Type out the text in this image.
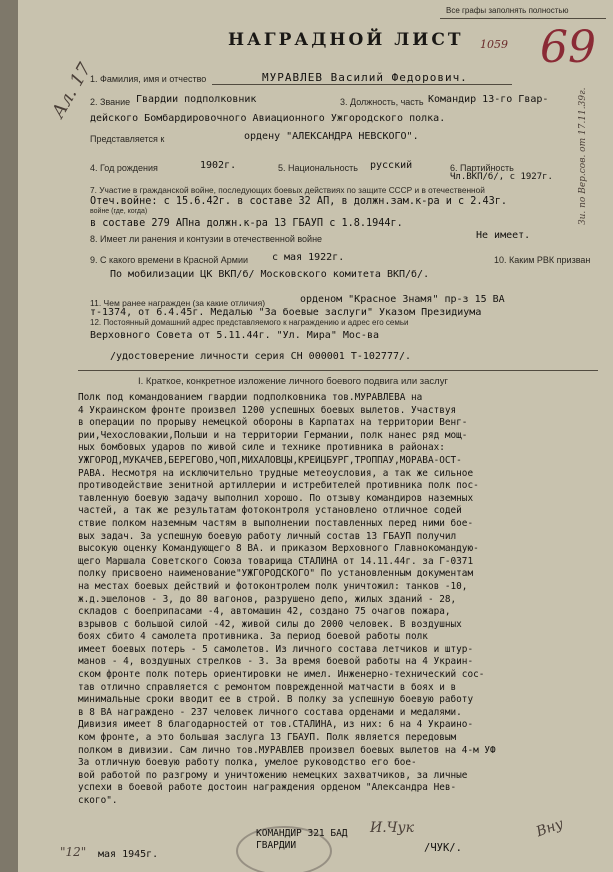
Все графы заполнять полностью
НАГРАДНОЙ ЛИСТ 1059 69
Ал. 17
1. Фамилия, имя и отчество	МУРАВЛЕВ Василий Федорович.
2. Звание Гвардии подполковник	3. Должность, часть Командир 13-го Гвар-
дейского Бомбардировочного Авиационного Ужгородского полка.
Представляется к	ордену "АЛЕКСАНДРА НЕВСКОГО".
4. Год рождения	1902г.	5. Национальность русский	6. Партийность
Чл.ВКП/б/, с 1927г.
7. Участие в гражданской войне, последующих боевых действиях по защите СССР и в отечественной
Отеч.войне: с 15.6.42г. в составе 32 АП, в должн.зам.к-ра и с 2.43г.
войне (где, когда)
в составе 279 АПна должн.к-ра 13 ГБАУП с 1.8.1944г.
8. Имеет ли ранения и контузии в отечественной войне	Не имеет.
9. С какого времени в Красной Армии с мая 1922г.	10. Каким РВК призван
По мобилизации ЦК ВКП/б/ Московского комитета ВКП/б/.
11. Чем ранее награжден (за какие отличия)	орденом "Красное Знамя" пр-з 15 ВА
т-1374, от 6.4.45г. Медалью "За боевые заслуги" Указом Президиума
12. Постоянный домашний адрес представляемого к награждению и адрес его семьи
Верховного Совета от 5.11.44г. "Ул. Мира" Мос-ва
/удостоверение личности серия СН 000001 Т-102777/.
Зи. по Вер.сов. от 17.11.39г.
I. Краткое, конкретное изложение личного боевого подвига или заслуг
Полк под командованием гвардии подполковника тов.МУРАВЛЕВА на
4 Украинском фронте произвел 1200 успешных боевых вылетов. Участвуя
в операции по прорыву немецкой обороны в Карпатах на территории Венг-
рии,Чехословакии,Польши и на территории Германии, полк нанес ряд мощ-
ных бомбовых ударов по живой силе и технике противника в районах:
УЖГОРОД,МУКАЧЕВ,БЕРЕГОВО,ЧОП,МИХАЛОВЦЫ,КРЕЙЦБУРГ,ТРОППАУ,МОРАВА-ОСТ-
РАВА. Несмотря на исключительно трудные метеоусловия, а так же сильное
противодействие зенитной артиллерии и истребителей противника полк пос-
тавленную боевую задачу выполнил хорошо. По отзыву командиров наземных
частей, а так же результатам фотоконтроля установлено отличное содей
ствие полком наземным частям в выполнении поставленных перед ними бое-
вых задач. За успешную боевую работу личный состав 13 ГБАУП получил
высокую оценку Командующего 8 ВА. и приказом Верховного Главнокомандую-
щего Маршала Советского Союза товарища СТАЛИНА от 14.11.44г. за Г-0371
полку присвоено наименование"УЖГОРОДСКОГО" По установленным документам
на местах боевых действий и фотоконтролем полк уничтожил: танков -10,
ж.д.эшелонов - 3, до 80 вагонов, разрушено депо, жилых зданий - 28,
складов с боеприпасами -4, автомашин 42, создано 75 очагов пожара,
взрывов с большой силой -42, живой силы до 2000 человек. В воздушных
боях сбито 4 самолета противника. За период боевой работы полк
имеет боевых потерь - 5 самолетов. Из личного состава летчиков и штур-
манов - 4, воздушных стрелков - 3. За время боевой работы на 4 Украин-
ском фронте полк потерь ориентировки не имел. Инженерно-технический сос-
тав отлично справляется с ремонтом поврежденной матчасти в боях и в
минимальные сроки вводит ее в строй. В полку за успешную боевую работу
в 8 ВА награждено - 237 человек личного состава орденами и медалями.
Дивизия имеет 8 благодарностей от тов.СТАЛИНА, из них: 6 на 4 Украино-
ком фронте, а это большая заслуга 13 ГБАУП. Полк является передовым
полком в дивизии. Сам лично тов.МУРАВЛЕВ произвел боевых вылетов на 4-м УФ
За отличную боевую работу полка, умелое руководство его бое-
вой работой по разгрому и уничтожению немецких захватчиков, за личные
успехи в боевой работе достоин награждения орденом "Александра Нев-
ского".
КОМАНДИР 321 БАД
ГВАРДИИ
И.Чук
/ЧУК/.
"12" мая 1945г.
Вну
